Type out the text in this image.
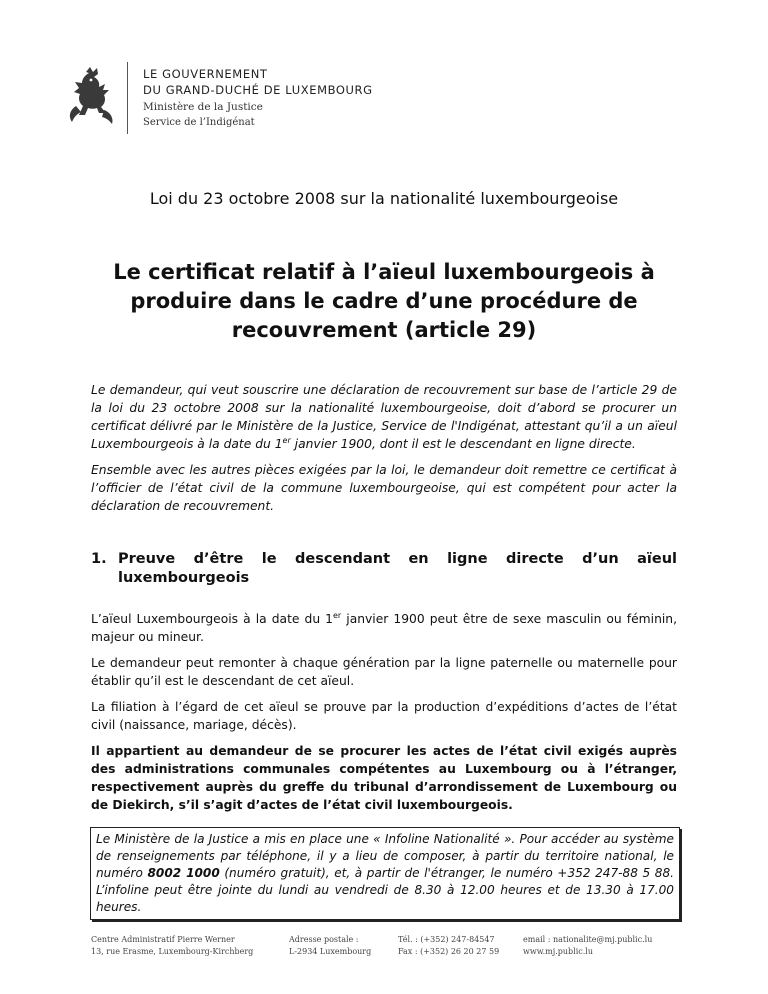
LE GOUVERNEMENT
DU GRAND-DUCHÉ DE LUXEMBOURG
Ministère de la Justice
Service de l’Indigénat
Loi du 23 octobre 2008 sur la nationalité luxembourgeoise
Le certificat relatif à l’aïeul luxembourgeois à produire dans le cadre d’une procédure de recouvrement (article 29)

Le demandeur, qui veut souscrire une déclaration de recouvrement sur base de l’article 29 de la loi du 23 octobre 2008 sur la nationalité luxembourgeoise, doit d’abord se procurer un certificat délivré par le Ministère de la Justice, Service de l'Indigénat, attestant qu’il a un aïeul Luxembourgeois à la date du 1er janvier 1900, dont il est le descendant en ligne directe.

Ensemble avec les autres pièces exigées par la loi, le demandeur doit remettre ce certificat à l’officier de l’état civil de la commune luxembourgeoise, qui est compétent pour acter la déclaration de recouvrement.

1. Preuve d’être le descendant en ligne directe d’un aïeul luxembourgeois

L’aïeul Luxembourgeois à la date du 1er janvier 1900 peut être de sexe masculin ou féminin, majeur ou mineur.

Le demandeur peut remonter à chaque génération par la ligne paternelle ou maternelle pour établir qu’il est le descendant de cet aïeul.

La filiation à l’égard de cet aïeul se prouve par la production d’expéditions d’actes de l’état civil (naissance, mariage, décès).

Il appartient au demandeur de se procurer les actes de l’état civil exigés auprès des administrations communales compétentes au Luxembourg ou à l’étranger, respectivement auprès du greffe du tribunal d’arrondissement de Luxembourg ou de Diekirch, s’il s’agit d’actes de l’état civil luxembourgeois.

Le Ministère de la Justice a mis en place une « Infoline Nationalité ». Pour accéder au système de renseignements par téléphone, il y a lieu de composer, à partir du territoire national, le numéro 8002 1000 (numéro gratuit), et, à partir de l'étranger, le numéro +352 247-88 5 88. L’infoline peut être jointe du lundi au vendredi de 8.30 à 12.00 heures et de 13.30 à 17.00 heures.
Centre Administratif Pierre Werner
13, rue Erasme, Luxembourg-Kirchberg
Adresse postale :
L-2934 Luxembourg
Tél. : (+352) 247-84547
Fax : (+352) 26 20 27 59
email : nationalite@mj.public.lu
www.mj.public.lu
